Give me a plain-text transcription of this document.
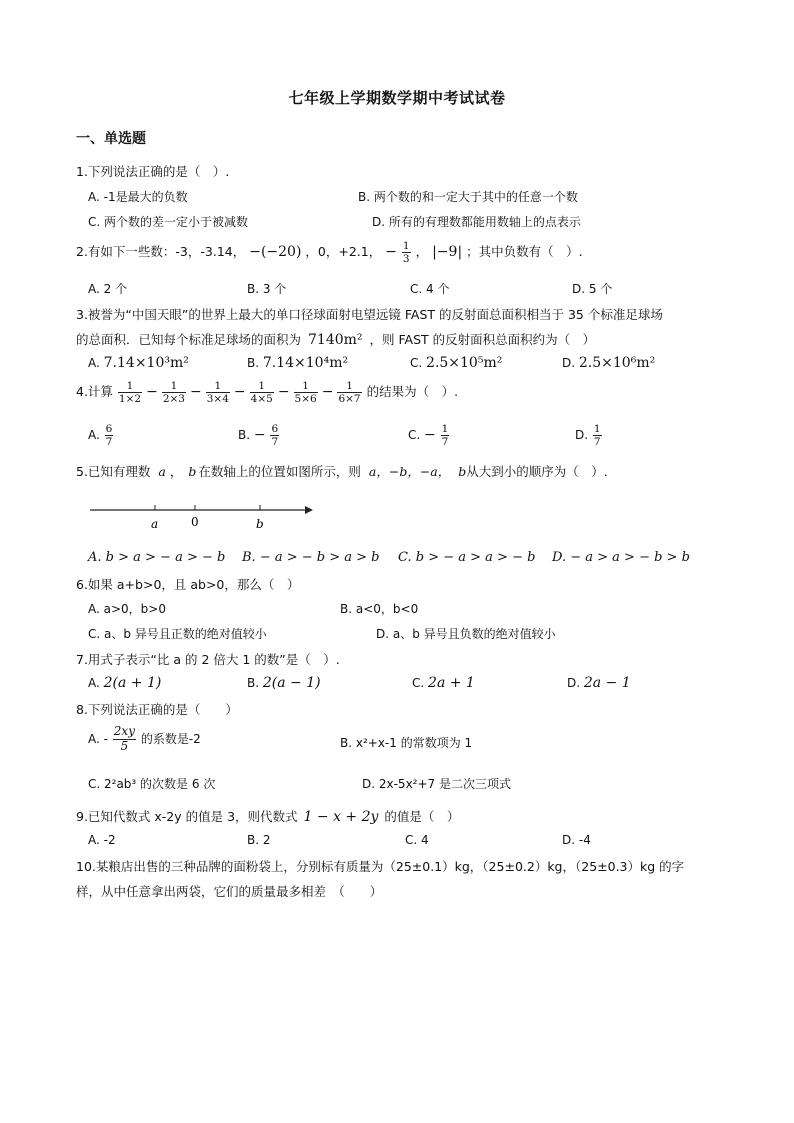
七年级上学期数学期中考试试卷
一、单选题
1.下列说法正确的是（　）.
A. -1是最大的负数	B. 两个数的和一定大于其中的任意一个数
C. 两个数的差一定小于被减数	D. 所有的有理数都能用数轴上的点表示
2.有如下一些数：-3，-3.14， −(−20) ，0，+2.1， − $\frac{1}{3}$ ， |−9| ；其中负数有（　）.
A. 2 个	B. 3 个	C. 4 个	D. 5 个
3.被誉为“中国天眼”的世界上最大的单口径球面射电望远镜 FAST 的反射面总面积相当于 35 个标准足球场
的总面积．已知每个标准足球场的面积为 7140m² ，则 FAST 的反射面积总面积约为（　）
A. 7.14×10³m²	B. 7.14×10⁴m²	C. 2.5×10⁵m²	D. 2.5×10⁶m²
4.计算 $\frac{1}{1\times 2} - \frac{1}{2\times 3} - \frac{1}{3\times 4} - \frac{1}{4\times 5} - \frac{1}{5\times 6} - \frac{1}{6\times 7}$ 的结果为（　）.
A. $\frac{6}{7}$	B. − $\frac{6}{7}$	C. − $\frac{1}{7}$	D. $\frac{1}{7}$
5.已知有理数 a ， b 在数轴上的位置如图所示，则 a，−b，−a， b从大到小的顺序为（　）.
a	0	b
A. b > a > − a > − b B. − a > − b > a > b C. b > − a > a > − b D. − a > a > − b > b
6.如果 a+b>0，且 ab>0，那么（　）
A. a>0，b>0	B. a<0，b<0
C. a、b 异号且正数的绝对值较小	D. a、b 异号且负数的绝对值较小
7.用式子表示“比 a 的 2 倍大 1 的数”是（　）.
A. 2(a + 1)	B. 2(a − 1)	C. 2a + 1	D. 2a − 1
8.下列说法正确的是（　　）
A. - $\frac{2xy}{5}$ 的系数是-2	B. x²+x-1 的常数项为 1
C. 2²ab³ 的次数是 6 次	D. 2x-5x²+7 是二次三项式
9.已知代数式 x-2y 的值是 3，则代数式 1 − x + 2y 的值是（　）
A. -2	B. 2	C. 4	D. -4
10.某粮店出售的三种品牌的面粉袋上，分别标有质量为（25±0.1）kg，（25±0.2）kg，（25±0.3）kg 的字
样，从中任意拿出两袋，它们的质量最多相差　（　　）
